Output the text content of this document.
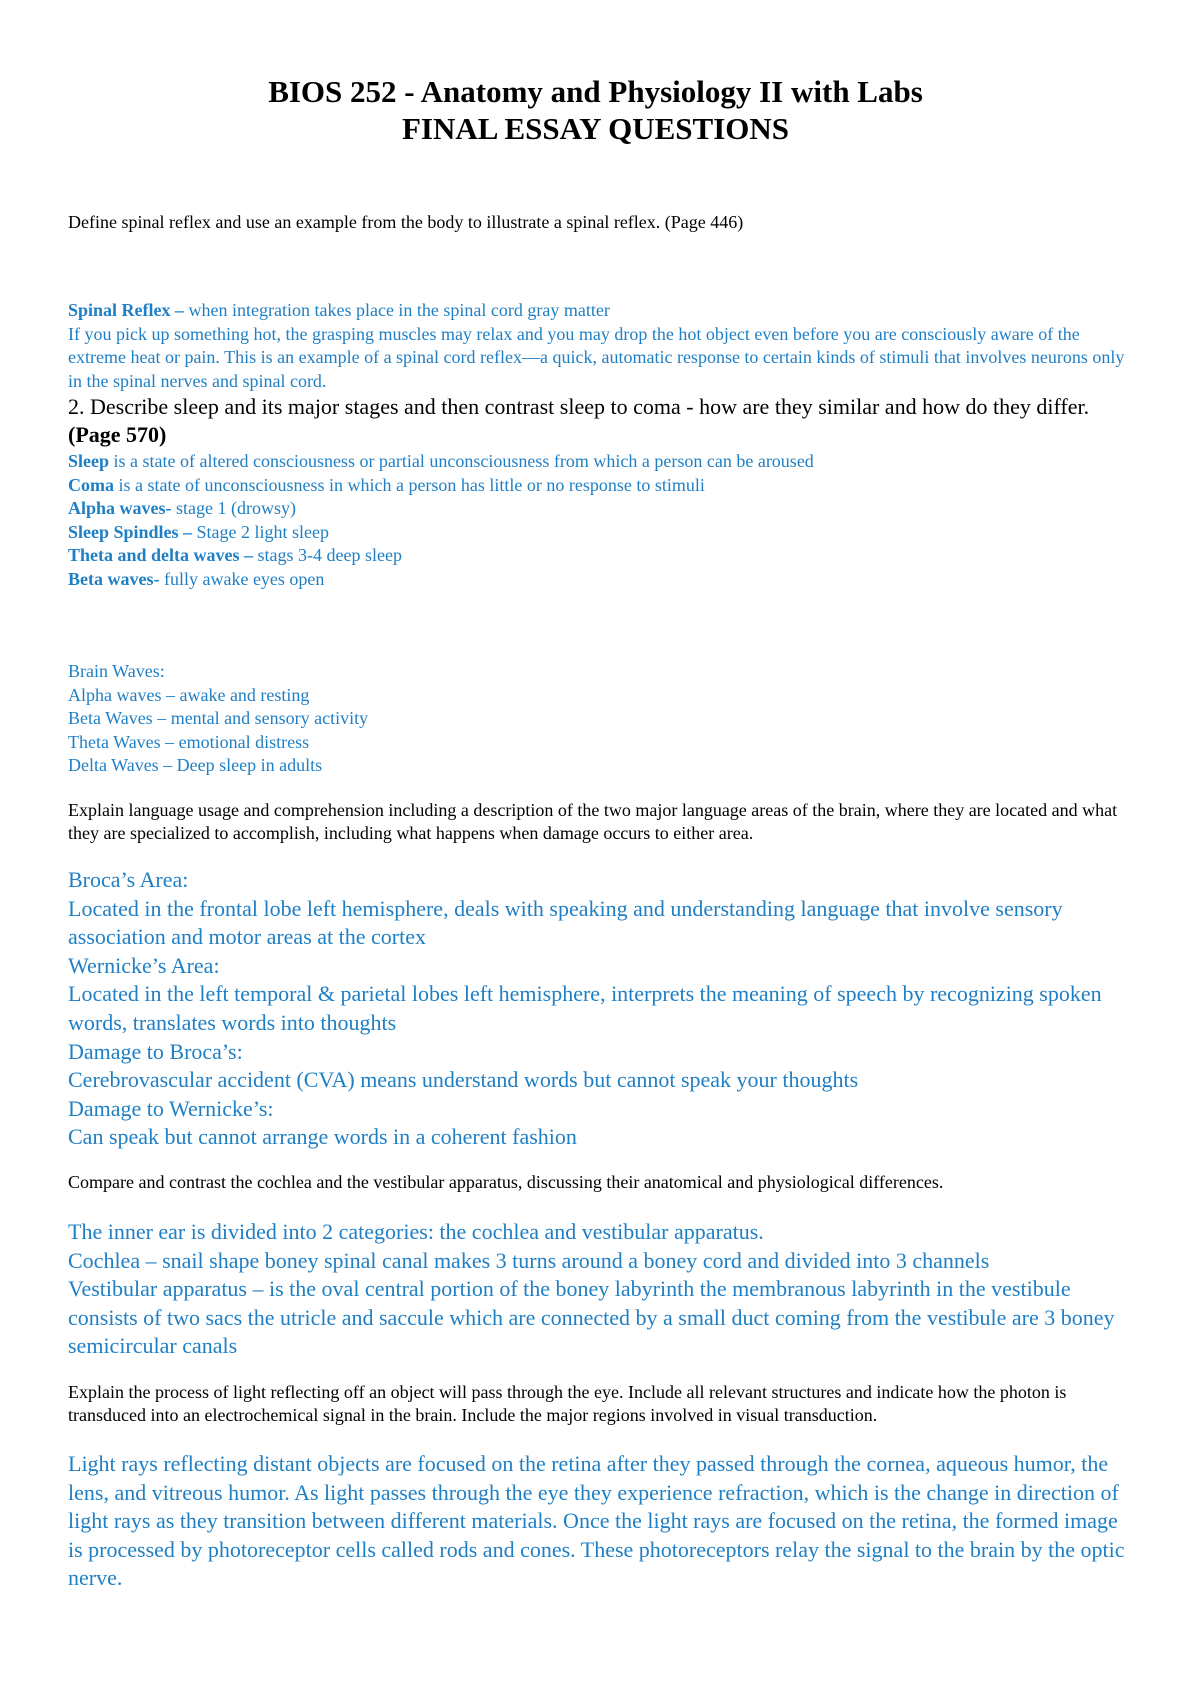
BIOS 252 - Anatomy and Physiology II with Labs
FINAL ESSAY QUESTIONS
Define spinal reflex and use an example from the body to illustrate a spinal reflex. (Page 446)

Spinal Reflex – when integration takes place in the spinal cord gray matter

If you pick up something hot, the grasping muscles may relax and you may drop the hot object even before you are consciously aware of the extreme heat or pain. This is an example of a spinal cord reflex—a quick, automatic response to certain kinds of stimuli that involves neurons only in the spinal nerves and spinal cord.

2. Describe sleep and its major stages and then contrast sleep to coma - how are they similar and how do they differ. (Page 570)

Sleep is a state of altered consciousness or partial unconsciousness from which a person can be aroused

Coma is a state of unconsciousness in which a person has little or no response to stimuli

Alpha waves- stage 1 (drowsy)

Sleep Spindles – Stage 2 light sleep

Theta and delta waves – stags 3-4 deep sleep

Beta waves- fully awake eyes open

Brain Waves:

Alpha waves – awake and resting

Beta Waves – mental and sensory activity

Theta Waves – emotional distress

Delta Waves – Deep sleep in adults

Explain language usage and comprehension including a description of the two major language areas of the brain, where they are located and what they are specialized to accomplish, including what happens when damage occurs to either area.

Broca’s Area:

Located in the frontal lobe left hemisphere, deals with speaking and understanding language that involve sensory association and motor areas at the cortex

Wernicke’s Area:

Located in the left temporal & parietal lobes left hemisphere, interprets the meaning of speech by recognizing spoken words, translates words into thoughts

Damage to Broca’s:

Cerebrovascular accident (CVA) means understand words but cannot speak your thoughts

Damage to Wernicke’s:

Can speak but cannot arrange words in a coherent fashion

Compare and contrast the cochlea and the vestibular apparatus, discussing their anatomical and physiological differences.

The inner ear is divided into 2 categories: the cochlea and vestibular apparatus.

Cochlea – snail shape boney spinal canal makes 3 turns around a boney cord and divided into 3 channels

Vestibular apparatus – is the oval central portion of the boney labyrinth the membranous labyrinth in the vestibule consists of two sacs the utricle and saccule which are connected by a small duct coming from the vestibule are 3 boney semicircular canals

Explain the process of light reflecting off an object will pass through the eye. Include all relevant structures and indicate how the photon is transduced into an electrochemical signal in the brain. Include the major regions involved in visual transduction.
Light rays reflecting distant objects are focused on the retina after they passed through the cornea, aqueous humor, the lens, and vitreous humor. As light passes through the eye they experience refraction, which is the change in direction of light rays as they transition between different materials. Once the light rays are focused on the retina, the formed image is processed by photoreceptor cells called rods and cones. These photoreceptors relay the signal to the brain by the optic nerve.
